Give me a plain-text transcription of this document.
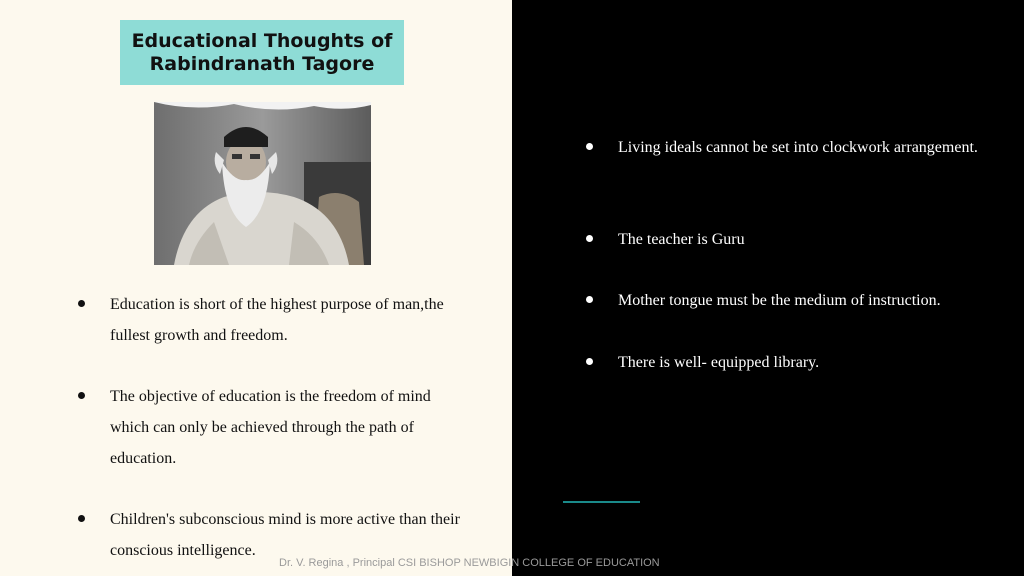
Educational Thoughts of
Rabindranath Tagore
Education is short of the highest purpose of man,the fullest growth and freedom.
The objective of education is the freedom of mind which can only be achieved through the path of education.
Children's subconscious mind is more active than their conscious intelligence.
Living ideals cannot be set into clockwork arrangement.
The teacher is Guru
Mother tongue must be the medium of instruction.
There is well- equipped library.
Dr. V. Regina , Principal CSI BISHOP NEWBIGIN COLLEGE OF EDUCATION
